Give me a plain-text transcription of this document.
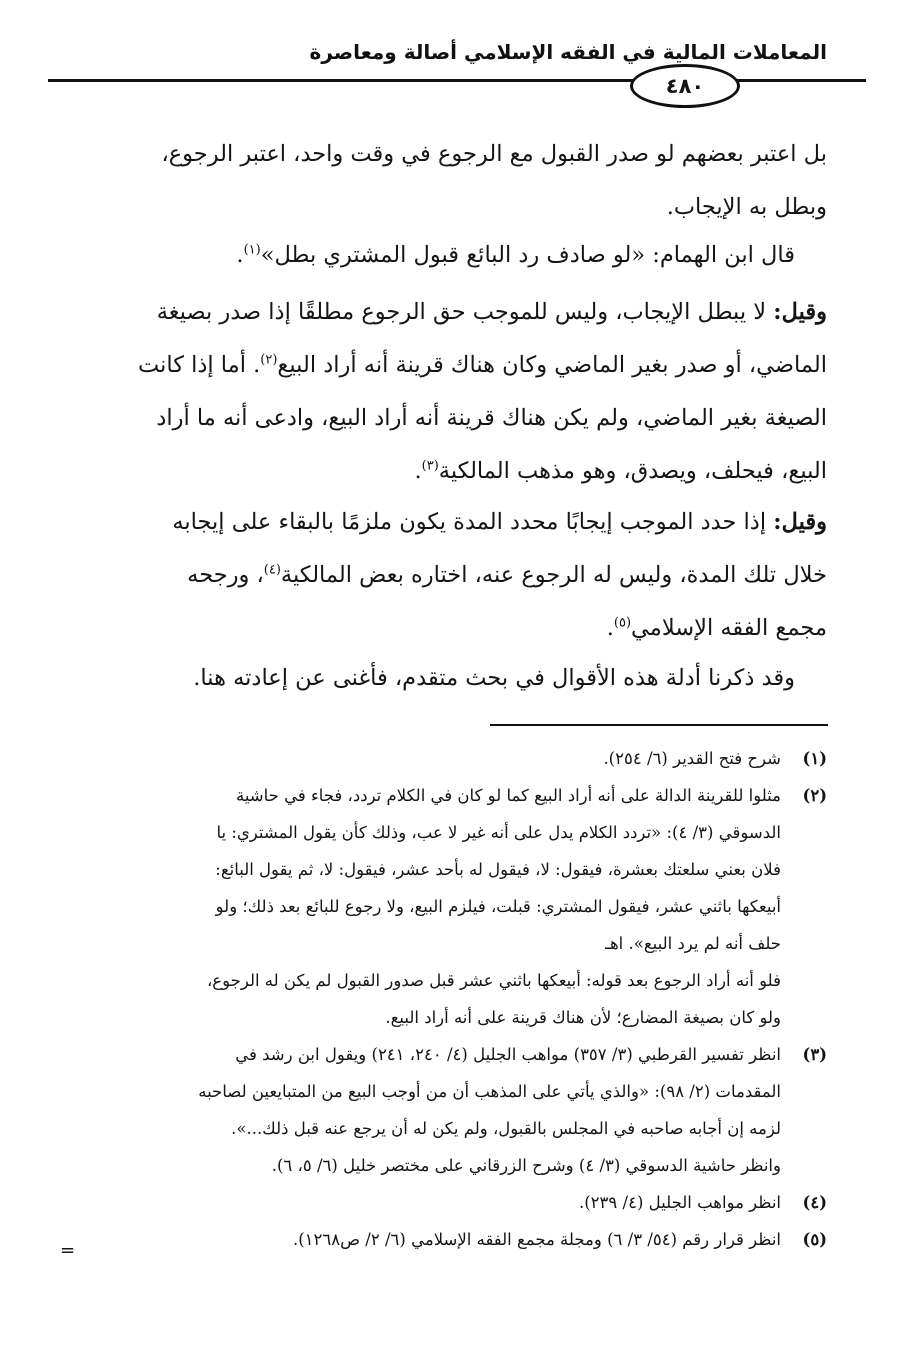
المعاملات المالية في الفقه الإسلامي أصالة ومعاصرة
٤٨٠
بل اعتبر بعضهم لو صدر القبول مع الرجوع في وقت واحد، اعتبر الرجوع،
وبطل به الإيجاب.
قال ابن الهمام: «لو صادف رد البائع قبول المشتري بطل»$^{(١)}$.
وقيل: لا يبطل الإيجاب، وليس للموجب حق الرجوع مطلقًا إذا صدر بصيغة
الماضي، أو صدر بغير الماضي وكان هناك قرينة أنه أراد البيع$^{(٢)}$. أما إذا كانت
الصيغة بغير الماضي، ولم يكن هناك قرينة أنه أراد البيع، وادعى أنه ما أراد
البيع، فيحلف، ويصدق، وهو مذهب المالكية$^{(٣)}$.
وقيل: إذا حدد الموجب إيجابًا محدد المدة يكون ملزمًا بالبقاء على إيجابه
خلال تلك المدة، وليس له الرجوع عنه، اختاره بعض المالكية$^{(٤)}$، ورجحه
مجمع الفقه الإسلامي$^{(٥)}$.
وقد ذكرنا أدلة هذه الأقوال في بحث متقدم، فأغنى عن إعادته هنا.
(١)
شرح فتح القدير (٦/ ٢٥٤).
(٢)
مثلوا للقرينة الدالة على أنه أراد البيع كما لو كان في الكلام تردد، فجاء في حاشية
الدسوقي (٣/ ٤): «تردد الكلام يدل على أنه غير لا عب، وذلك كأن يقول المشتري: يا
فلان بعني سلعتك بعشرة، فيقول: لا، فيقول له بأحد عشر، فيقول: لا، ثم يقول البائع:
أبيعكها باثني عشر، فيقول المشتري: قبلت، فيلزم البيع، ولا رجوع للبائع بعد ذلك؛ ولو
حلف أنه لم يرد البيع». اهـ
فلو أنه أراد الرجوع بعد قوله: أبيعكها باثني عشر قبل صدور القبول لم يكن له الرجوع،
ولو كان بصيغة المضارع؛ لأن هناك قرينة على أنه أراد البيع.
(٣)
انظر تفسير القرطبي (٣/ ٣٥٧) مواهب الجليل (٤/ ٢٤٠، ٢٤١) ويقول ابن رشد في
المقدمات (٢/ ٩٨): «والذي يأتي على المذهب أن من أوجب البيع من المتبايعين لصاحبه
لزمه إن أجابه صاحبه في المجلس بالقبول، ولم يكن له أن يرجع عنه قبل ذلك...».
وانظر حاشية الدسوقي (٣/ ٤) وشرح الزرقاني على مختصر خليل (٦/ ٥، ٦).
(٤)
انظر مواهب الجليل (٤/ ٢٣٩).
(٥)
انظر قرار رقم (٥٤/ ٣/ ٦) ومجلة مجمع الفقه الإسلامي (٦/ ٢/ ص١٢٦٨).
=
